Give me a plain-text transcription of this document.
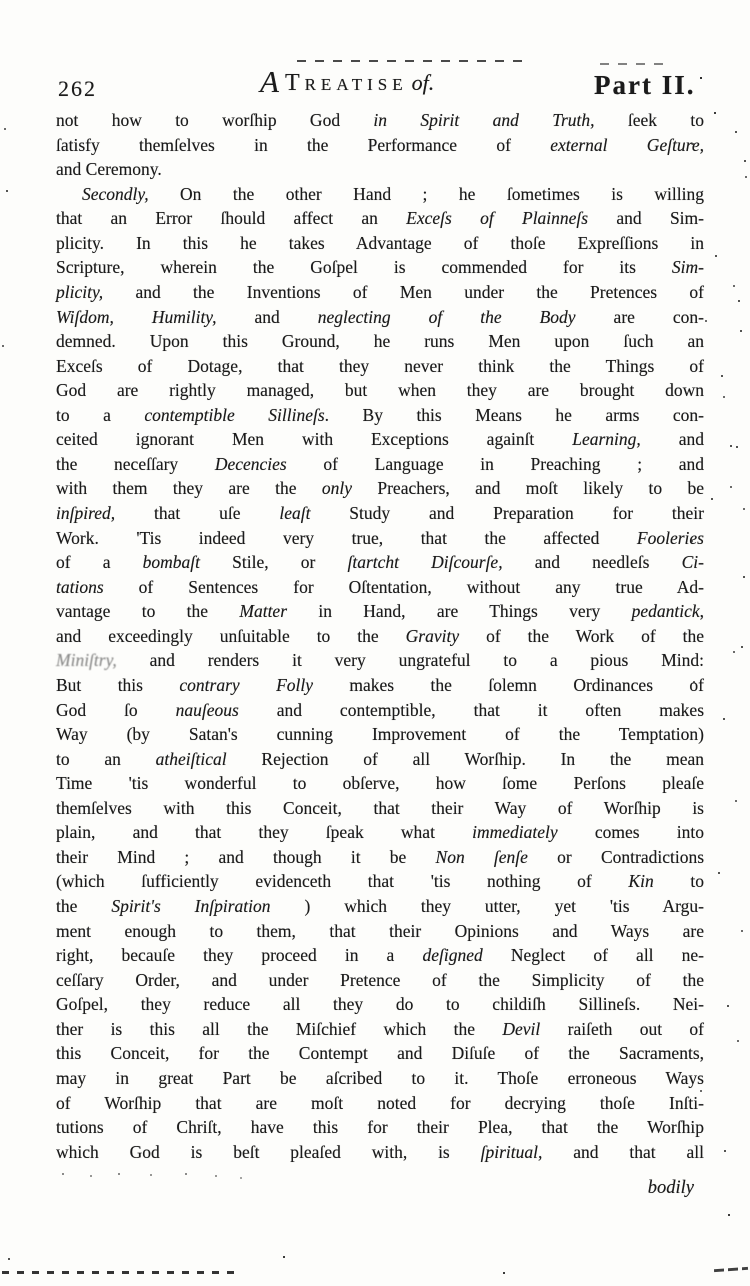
262	A Treatise of.	Part II.
not how to worſhip God in Spirit and Truth, ſeek to
ſatisfy themſelves in the Performance of external Geſture,
and Ceremony.
Secondly, On the other Hand ; he ſometimes is willing
that an Error ſhould affect an Exceſs of Plainneſs and Sim-
plicity. In this he takes Advantage of thoſe Expreſſions in
Scripture, wherein the Goſpel is commended for its Sim-
plicity, and the Inventions of Men under the Pretences of
Wiſdom, Humility, and neglecting of the Body are con-
demned. Upon this Ground, he runs Men upon ſuch an
Exceſs of Dotage, that they never think the Things of
God are rightly managed, but when they are brought down
to a contemptible Sillineſs. By this Means he arms con-
ceited ignorant Men with Exceptions againſt Learning, and
the neceſſary Decencies of Language in Preaching ; and
with them they are the only Preachers, and moſt likely to be
inſpired, that uſe leaſt Study and Preparation for their
Work. 'Tis indeed very true, that the affected Fooleries
of a bombaſt Stile, or ſtartcht Diſcourſe, and needleſs Ci-
tations of Sentences for Oſtentation, without any true Ad-
vantage to the Matter in Hand, are Things very pedantick,
and exceedingly unſuitable to the Gravity of the Work of the
Miniſtry, and renders it very ungrateful to a pious Mind:
But this contrary Folly makes the ſolemn Ordinances of
God ſo nauſeous and contemptible, that it often makes
Way (by Satan's cunning Improvement of the Temptation)
to an atheiſtical Rejection of all Worſhip. In the mean
Time 'tis wonderful to obſerve, how ſome Perſons pleaſe
themſelves with this Conceit, that their Way of Worſhip is
plain, and that they ſpeak what immediately comes into
their Mind ; and though it be Non ſenſe or Contradictions
(which ſufficiently evidenceth that 'tis nothing of Kin to
the Spirit's Inſpiration ) which they utter, yet 'tis Argu-
ment enough to them, that their Opinions and Ways are
right, becauſe they proceed in a deſigned Neglect of all ne-
ceſſary Order, and under Pretence of the Simplicity of the
Goſpel, they reduce all they do to childiſh Sillineſs. Nei-
ther is this all the Miſchief which the Devil raiſeth out of
this Conceit, for the Contempt and Diſuſe of the Sacraments,
may in great Part be aſcribed to it. Thoſe erroneous Ways
of Worſhip that are moſt noted for decrying thoſe Inſti-
tutions of Chriſt, have this for their Plea, that the Worſhip
which God is beſt pleaſed with, is ſpiritual, and that all
bodily
